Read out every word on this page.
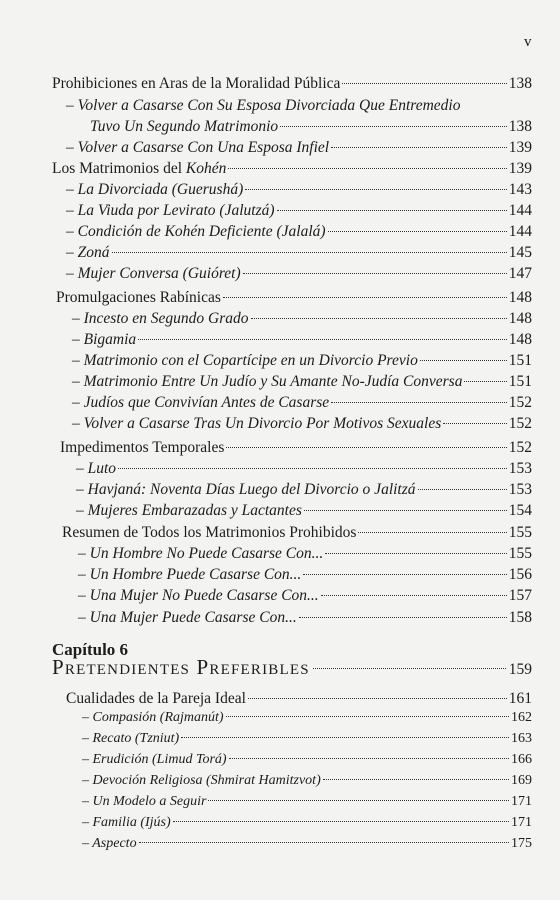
v
Prohibiciones en Aras de la Moralidad Pública	138
– Volver a Casarse Con Su Esposa Divorciada Que Entremedio
Tuvo Un Segundo Matrimonio	138
– Volver a Casarse Con Una Esposa Infiel	139
Los Matrimonios del Kohén	139
– La Divorciada (Guerushá)	143
– La Viuda por Levirato (Jalutzá)	144
– Condición de Kohén Deficiente (Jalalá)	144
– Zoná	145
– Mujer Conversa (Guióret)	147
Promulgaciones Rabínicas	148
– Incesto en Segundo Grado	148
– Bigamia	148
– Matrimonio con el Copartícipe en un Divorcio Previo	151
– Matrimonio Entre Un Judío y Su Amante No-Judía Conversa	151
– Judíos que Convivían Antes de Casarse	152
– Volver a Casarse Tras Un Divorcio Por Motivos Sexuales	152
Impedimentos Temporales	152
– Luto	153
– Havjaná: Noventa Días Luego del Divorcio o Jalitzá	153
– Mujeres Embarazadas y Lactantes	154
Resumen de Todos los Matrimonios Prohibidos	155
– Un Hombre No Puede Casarse Con...	155
– Un Hombre Puede Casarse Con...	156
– Una Mujer No Puede Casarse Con...	157
– Una Mujer Puede Casarse Con...	158
Capítulo 6
Pretendientes Preferibles	159
Cualidades de la Pareja Ideal	161
– Compasión (Rajmanút)	162
– Recato (Tzniut)	163
– Erudición (Limud Torá)	166
– Devoción Religiosa (Shmirat Hamitzvot)	169
– Un Modelo a Seguir	171
– Familia (Ijús)	171
– Aspecto	175
